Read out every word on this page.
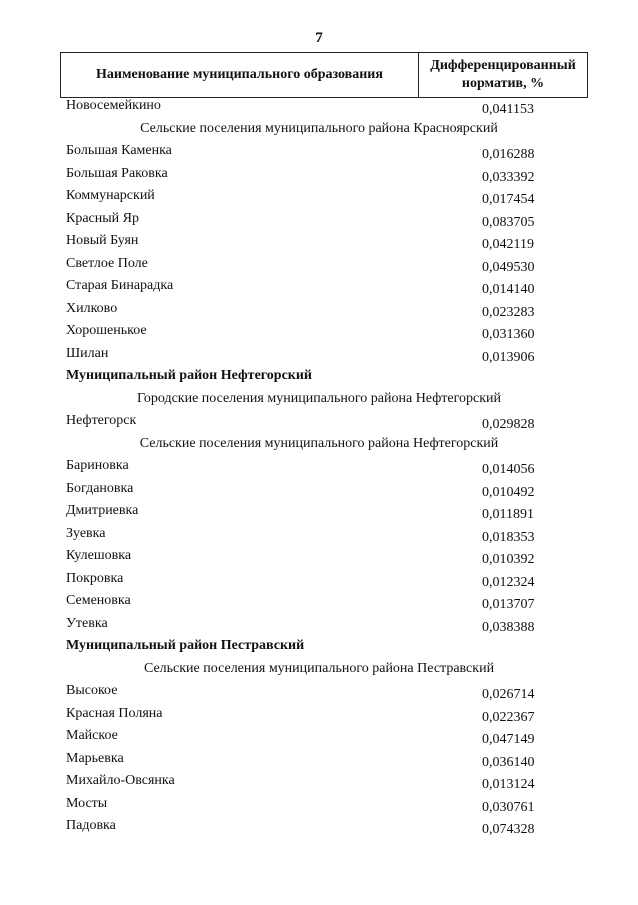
7
Наименование муниципального образования
Дифференцированный
норматив, %
Новосемейкино	0,041153
Сельские поселения муниципального района Красноярский
Большая Каменка	0,016288
Большая Раковка	0,033392
Коммунарский	0,017454
Красный Яр	0,083705
Новый Буян	0,042119
Светлое Поле	0,049530
Старая Бинарадка	0,014140
Хилково	0,023283
Хорошенькое	0,031360
Шилан	0,013906
Муниципальный район Нефтегорский
Городские поселения муниципального района Нефтегорский
Нефтегорск	0,029828
Сельские поселения муниципального района Нефтегорский
Бариновка	0,014056
Богдановка	0,010492
Дмитриевка	0,011891
Зуевка	0,018353
Кулешовка	0,010392
Покровка	0,012324
Семеновка	0,013707
Утевка	0,038388
Муниципальный район Пестравский
Сельские поселения муниципального района Пестравский
Высокое	0,026714
Красная Поляна	0,022367
Майское	0,047149
Марьевка	0,036140
Михайло-Овсянка	0,013124
Мосты	0,030761
Падовка	0,074328
